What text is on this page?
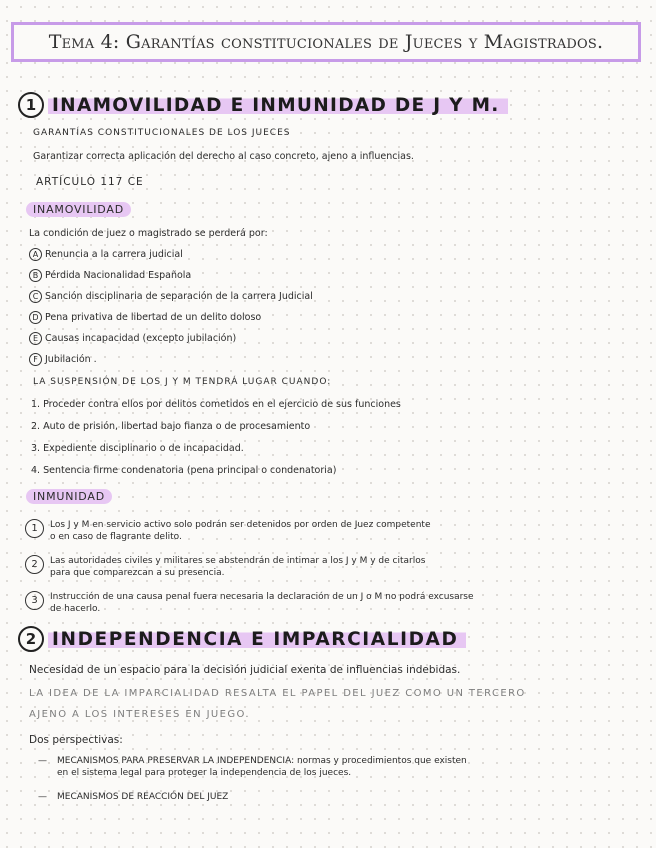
Tema 4: Garantías constitucionales de Jueces y Magistrados.
1 INAMOVILIDAD E INMUNIDAD DE J Y M.
GARANTÍAS CONSTITUCIONALES DE LOS JUECES
Garantizar correcta aplicación del derecho al caso concreto, ajeno a influencias.
ARTÍCULO 117 CE
INAMOVILIDAD
La condición de juez o magistrado se perderá por:
A Renuncia a la carrera judicial
B Pérdida Nacionalidad Española
C Sanción disciplinaria de separación de la carrera Judicial
D Pena privativa de libertad de un delito doloso
E Causas incapacidad (excepto jubilación)
F Jubilación .
LA SUSPENSIÓN DE LOS J Y M TENDRÁ LUGAR CUANDO:
1. Proceder contra ellos por delitos cometidos en el ejercicio de sus funciones
2. Auto de prisión, libertad bajo fianza o de procesamiento
3. Expediente disciplinario o de incapacidad.
4. Sentencia firme condenatoria (pena principal o condenatoria)
INMUNIDAD
1	Los J y M en servicio activo solo podrán ser detenidos por orden de Juez competente
o en caso de flagrante delito.
2	Las autoridades civiles y militares se abstendrán de intimar a los J y M y de citarlos
para que comparezcan a su presencia.
3	Instrucción de una causa penal fuera necesaria la declaración de un J o M no podrá excusarse
de hacerlo.
2 INDEPENDENCIA E IMPARCIALIDAD
Necesidad de un espacio para la decisión judicial exenta de influencias indebidas.
LA IDEA DE LA IMPARCIALIDAD RESALTA EL PAPEL DEL JUEZ COMO UN TERCERO
AJENO A LOS INTERESES EN JUEGO.
Dos perspectivas:
— MECANISMOS PARA PRESERVAR LA INDEPENDENCIA: normas y procedimientos que existen
en el sistema legal para proteger la independencia de los jueces.
— MECANISMOS DE REACCIÓN DEL JUEZ
